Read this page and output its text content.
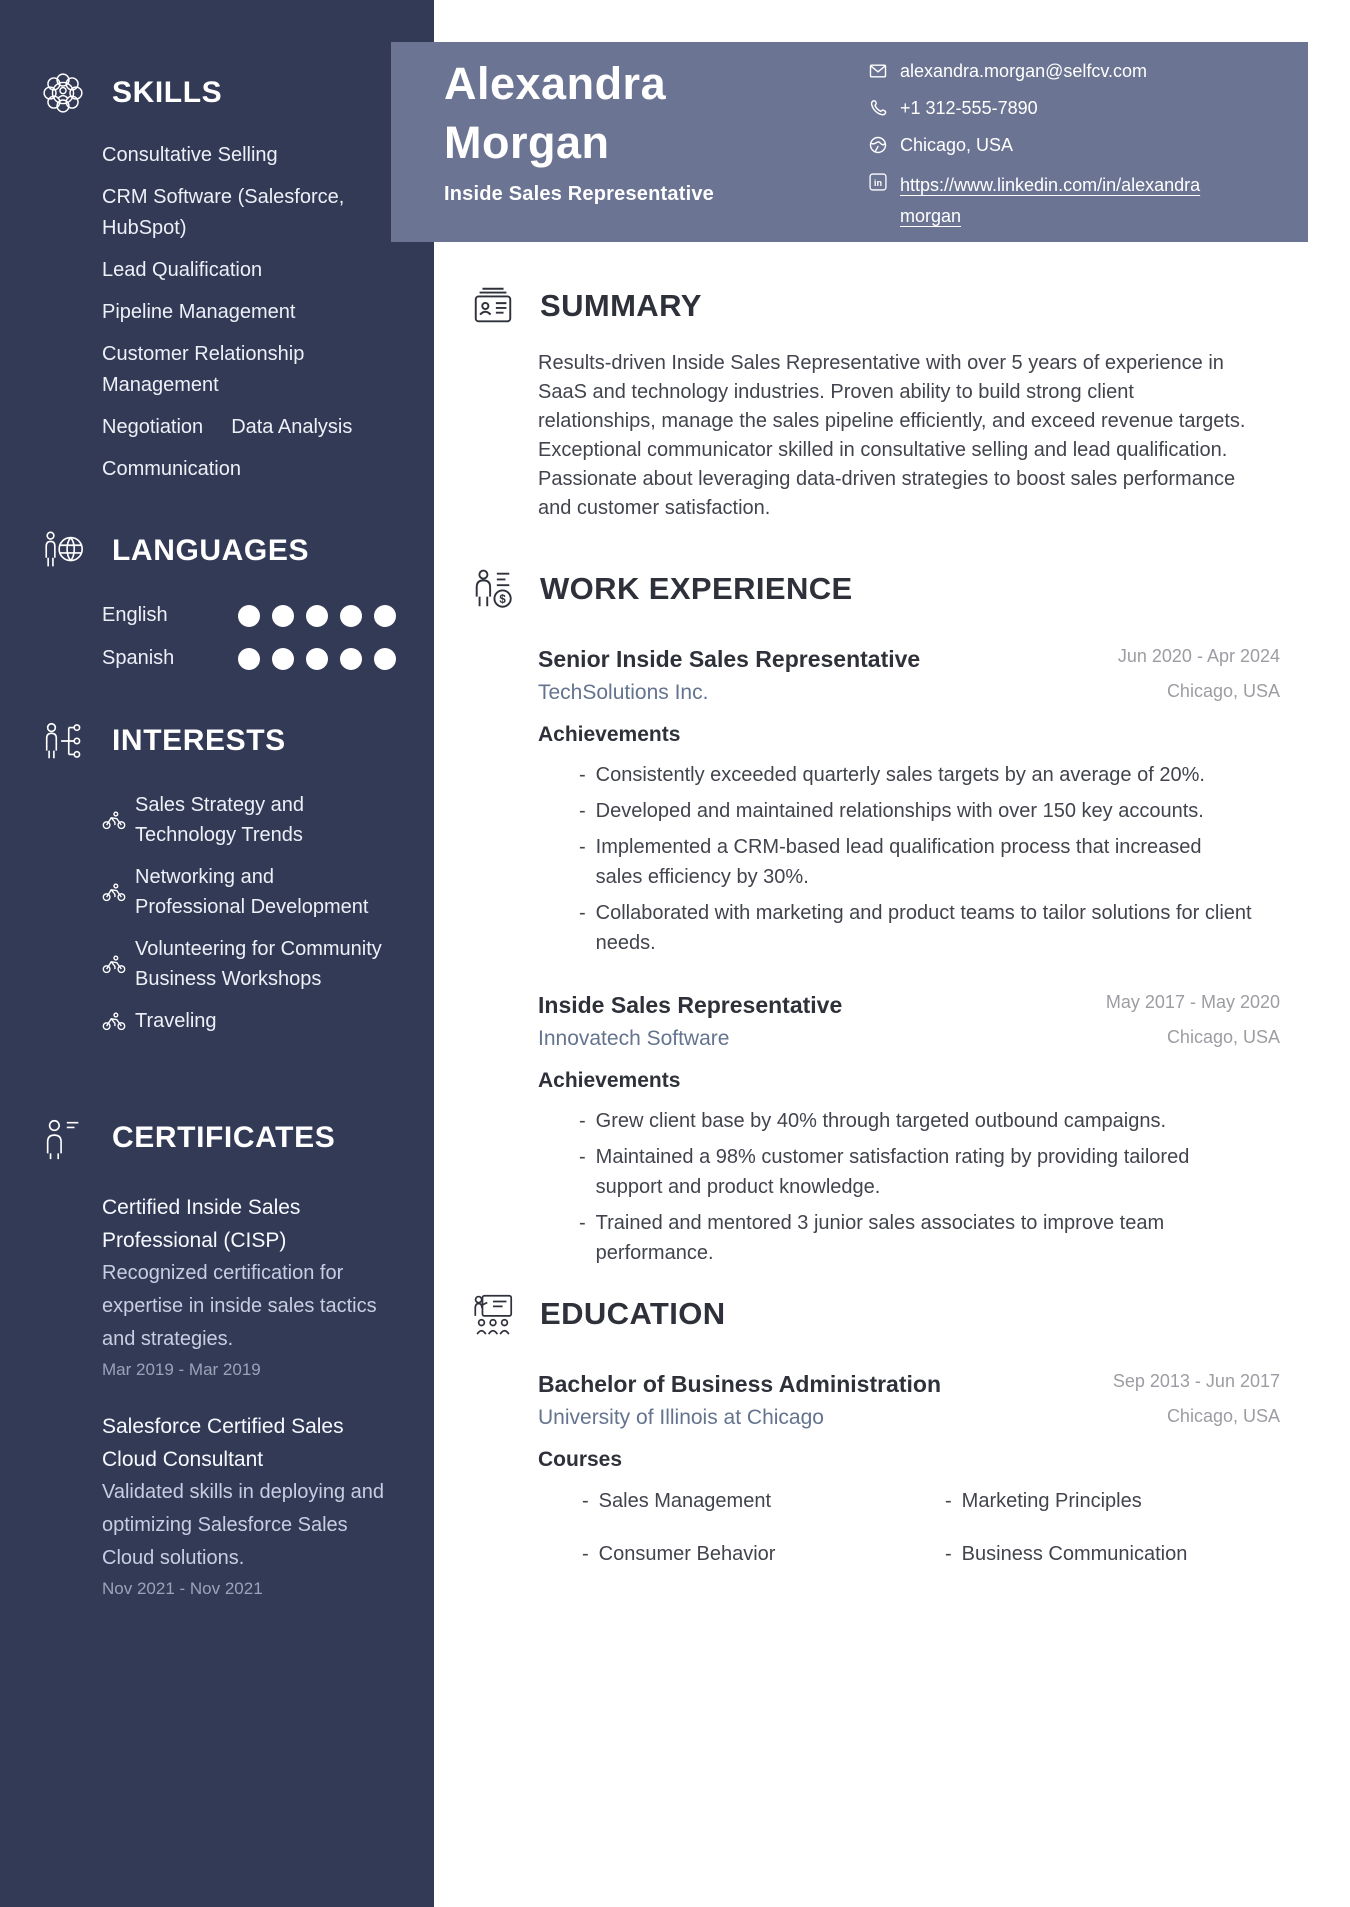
SKILLS
Consultative Selling
CRM Software (Salesforce, HubSpot)
Lead Qualification
Pipeline Management
Customer Relationship Management
Negotiation Data Analysis
Communication
LANGUAGES
English
Spanish
INTERESTS
Sales Strategy and Technology Trends
Networking and Professional Development
Volunteering for Community Business Workshops
Traveling
CERTIFICATES
Certified Inside Sales Professional (CISP)
Recognized certification for expertise in inside sales tactics and strategies.
Mar 2019 - Mar 2019
Salesforce Certified Sales Cloud Consultant
Validated skills in deploying and optimizing Salesforce Sales Cloud solutions.
Nov 2021 - Nov 2021
Alexandra
Morgan
Inside Sales Representative
alexandra.morgan@selfcv.com
+1 312-555-7890
Chicago, USA
in https://www.linkedin.com/in/alexandra morgan
SUMMARY

Results-driven Inside Sales Representative with over 5 years of experience in SaaS and technology industries. Proven ability to build strong client relationships, manage the sales pipeline efficiently, and exceed revenue targets. Exceptional communicator skilled in consultative selling and lead qualification. Passionate about leveraging data-driven strategies to boost sales performance and customer satisfaction.

$ WORK EXPERIENCE
Senior Inside Sales Representative
TechSolutions Inc.
Jun 2020 - Apr 2024
Chicago, USA
Achievements
- Consistently exceeded quarterly sales targets by an average of 20%.
- Developed and maintained relationships with over 150 key accounts.
- Implemented a CRM-based lead qualification process that increased sales efficiency by 30%.
- Collaborated with marketing and product teams to tailor solutions for client needs.
Inside Sales Representative
Innovatech Software
May 2017 - May 2020
Chicago, USA
Achievements
- Grew client base by 40% through targeted outbound campaigns.
- Maintained a 98% customer satisfaction rating by providing tailored support and product knowledge.
- Trained and mentored 3 junior sales associates to improve team performance.
EDUCATION
Bachelor of Business Administration
University of Illinois at Chicago
Sep 2013 - Jun 2017
Chicago, USA
Courses
- Sales Management	- Marketing Principles
- Consumer Behavior	- Business Communication
